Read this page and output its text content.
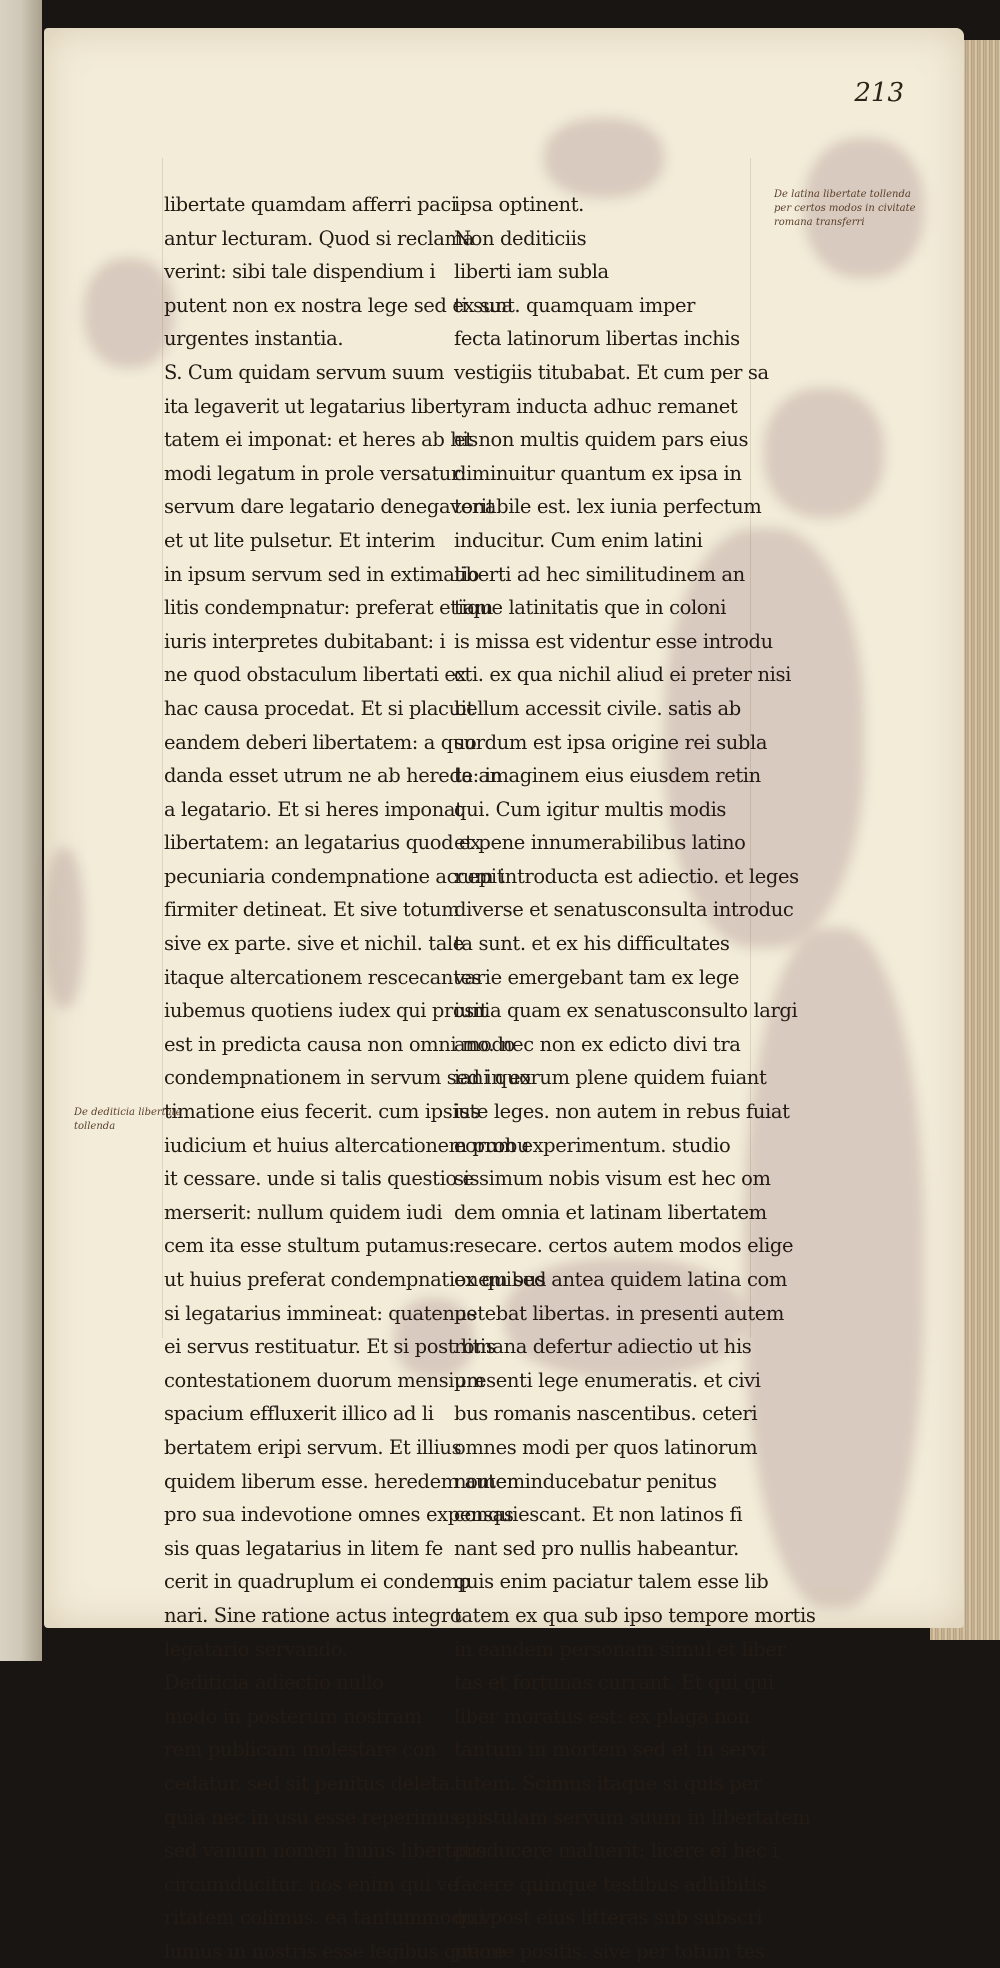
213
De latina libertate tollenda
per certos modos in civitate
romana transferri
De dediticia libertate
tollenda
libertate quamdam afferri paci
antur lecturam. Quod si reclama
verint: sibi tale dispendium i
putent non ex nostra lege sed ex sua
urgentes instantia.
S. Cum quidam servum suum
ita legaverit ut legatarius liber
tatem ei imponat: et heres ab his
modi legatum in prole versatur:
servum dare legatario denegaverit
et ut lite pulsetur. Et interim
in ipsum servum sed in extimatio
litis condempnatur: preferat etiam
iuris interpretes dubitabant: i
ne quod obstaculum libertati ex
hac causa procedat. Et si placuit
eandem deberi libertatem: a quo
danda esset utrum ne ab herede an
a legatario. Et si heres imponat
libertatem: an legatarius quod ex
pecuniaria condempnatione accepit
firmiter detineat. Et sive totum
sive ex parte. sive et nichil. tale
itaque altercationem rescecantes
iubemus quotiens iudex qui prosit
est in predicta causa non omni modo
condempnationem in servum sed in ex
timatione eius fecerit. cum ipsius
iudicium et huius altercationem probu
it cessare. unde si talis questio e
merserit: nullum quidem iudi
cem ita esse stultum putamus:
ut huius preferat condempnationem sed
si legatarius immineat: quatenus
ei servus restituatur. Et si post litis
contestationem duorum mensium
spacium effluxerit illico ad li
bertatem eripi servum. Et illius
quidem liberum esse. heredem autem
pro sua indevotione omnes expensas
sis quas legatarius in litem fe
cerit in quadruplum ei condemp
nari. Sine ratione actus integro
legatario servando.
Dediticia adiectio nullo
modo in posterum nostram
rem publicam molestare con
cedatur. sed sit penitus deleta.
quia nec in usu esse reperimus.
sed vanum nomen huius libertatis
circumducitur. nos enim qui ve
ritatem colimus. ea tantummodo vo
lumus in nostris esse legibus que re
ipsa optinent.
Non dediticiis
liberti iam subla
ti sunt. quamquam imper
fecta latinorum libertas inchis
vestigiis titubabat. Et cum per sa
tyram inducta adhuc remanet
et non multis quidem pars eius
diminuitur quantum ex ipsa in
tonabile est. lex iunia perfectum
inducitur. Cum enim latini
liberti ad hec similitudinem an
tique latinitatis que in coloni
is missa est videntur esse introdu
cti. ex qua nichil aliud ei preter nisi
bellum accessit civile. satis ab
surdum est ipsa origine rei subla
ta: imaginem eius eiusdem retin
qui. Cum igitur multis modis
et pene innumerabilibus latino
rum introducta est adiectio. et leges
diverse et senatusconsulta introduc
ta sunt. et ex his difficultates
varie emergebant tam ex lege
iunia quam ex senatusconsulto largi
ano. nec non ex edicto divi tra
iani quorum plene quidem fuiant
iste leges. non autem in rebus fuiat
eorum experimentum. studio
sissimum nobis visum est hec om
dem omnia et latinam libertatem
resecare. certos autem modos elige
ex quibus antea quidem latina com
petebat libertas. in presenti autem
romana defertur adiectio ut his
presenti lege enumeratis. et civi
bus romanis nascentibus. ceteri
omnes modi per quos latinorum
nomen inducebatur penitus
conquiescant. Et non latinos fi
nant sed pro nullis habeantur.
quis enim paciatur talem esse lib
tatem ex qua sub ipso tempore mortis
in eandem personam simul et liber
tas et fortunas currant. Et qui qui
liber moratus est: ex plaga non
tantum in mortem sed et in servi
tutem. Scimus itaque si quis per
epistulam servum suum in libertatem
producere maluerit: licere ei hec i
facere quinque testibus adhibitis
qui post eius litteras sub subscri
ptione positis. sive per totum tes
